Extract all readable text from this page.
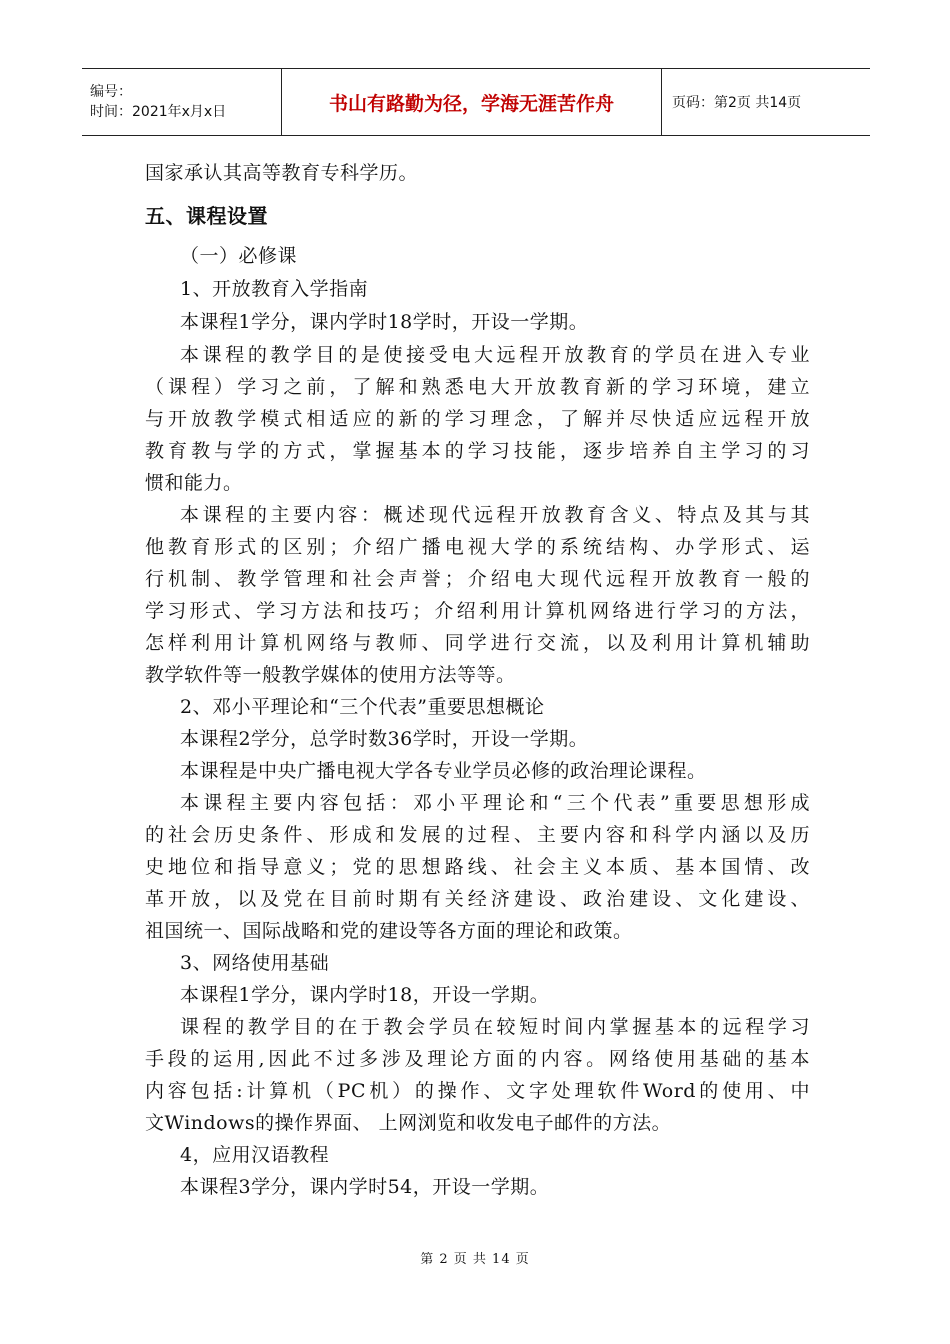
编号：
时间：2021年x月x日	书山有路勤为径，学海无涯苦作舟	页码：第2页 共14页
国家承认其高等教育专科学历。
五、课程设置
（一）必修课
1、开放教育入学指南
本课程1学分，课内学时18学时，开设一学期。
本课程的教学目的是使接受电大远程开放教育的学员在进入专业
（课程）学习之前，了解和熟悉电大开放教育新的学习环境，建立
与开放教学模式相适应的新的学习理念，了解并尽快适应远程开放
教育教与学的方式，掌握基本的学习技能，逐步培养自主学习的习
惯和能力。
本课程的主要内容：概述现代远程开放教育含义、特点及其与其
他教育形式的区别；介绍广播电视大学的系统结构、办学形式、运
行机制、教学管理和社会声誉；介绍电大现代远程开放教育一般的
学习形式、学习方法和技巧；介绍利用计算机网络进行学习的方法，
怎样利用计算机网络与教师、同学进行交流，以及利用计算机辅助
教学软件等一般教学媒体的使用方法等等。
2、邓小平理论和“三个代表”重要思想概论
本课程2学分，总学时数36学时，开设一学期。
本课程是中央广播电视大学各专业学员必修的政治理论课程。
本课程主要内容包括：邓小平理论和“三个代表”重要思想形成
的社会历史条件、形成和发展的过程、主要内容和科学内涵以及历
史地位和指导意义；党的思想路线、社会主义本质、基本国情、改
革开放，以及党在目前时期有关经济建设、政治建设、文化建设、
祖国统一、国际战略和党的建设等各方面的理论和政策。
3、网络使用基础
本课程1学分，课内学时18，开设一学期。
课程的教学目的在于教会学员在较短时间内掌握基本的远程学习
手段的运用,因此不过多涉及理论方面的内容。网络使用基础的基本
内容包括:计算机（PC机）的操作、文字处理软件Word的使用、中
文Windows的操作界面、 上网浏览和收发电子邮件的方法。
4，应用汉语教程
本课程3学分，课内学时54，开设一学期。
第 2 页 共 14 页
